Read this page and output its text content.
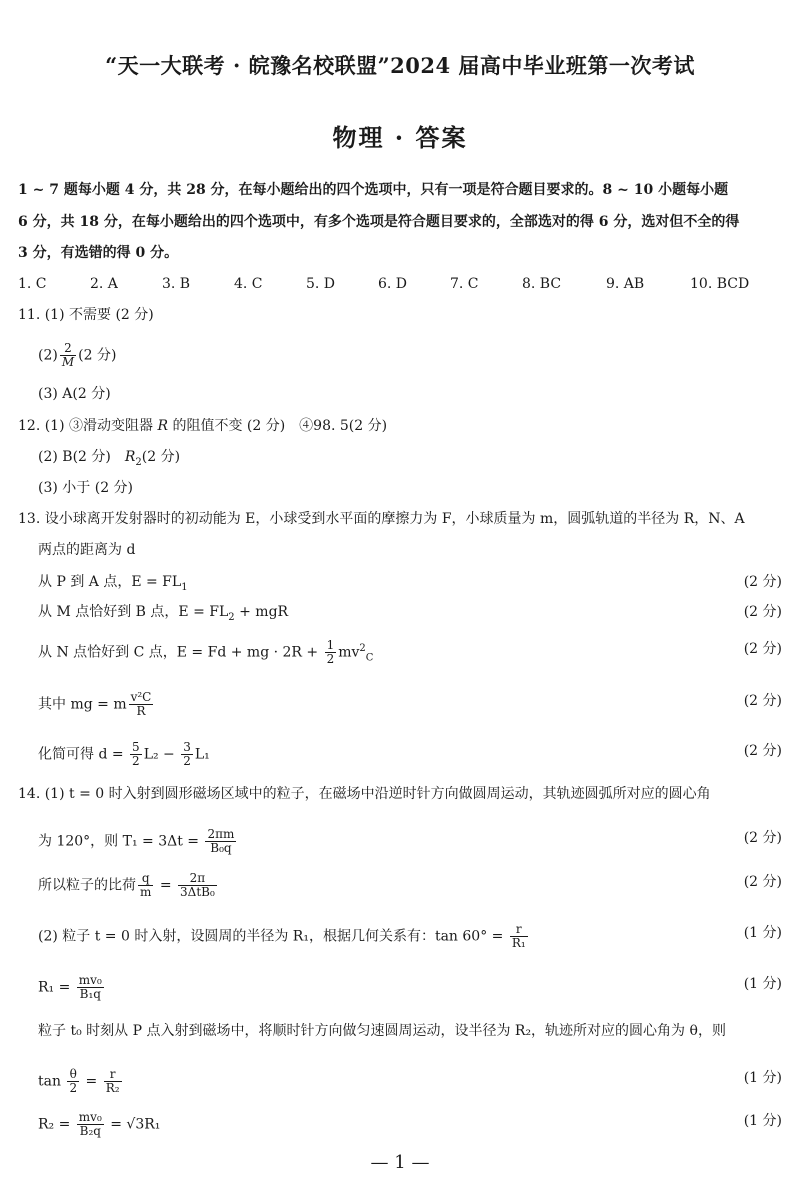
“天一大联考 · 皖豫名校联盟”2024 届高中毕业班第一次考试
物理 · 答案
1 ~ 7 题每小题 4 分，共 28 分，在每小题给出的四个选项中，只有一项是符合题目要求的。8 ~ 10 小题每小题
6 分，共 18 分，在每小题给出的四个选项中，有多个选项是符合题目要求的，全部选对的得 6 分，选对但不全的得
3 分，有选错的得 0 分。
1. C	2. A	3. B	4. C	5. D	6. D	7. C	8. BC	9. AB	10. BCD
11. (1) 不需要 (2 分)
$(2) \frac{2}{M} (2$ 分)
(3) A(2 分)
12. (1) ③滑动变阻器 R 的阻值不变 (2 分)　④98. 5(2 分)
(2) B(2 分)　$R_2(2$ 分)
(3) 小于 (2 分)
13. 设小球离开发射器时的初动能为 E，小球受到水平面的摩擦力为 F，小球质量为 m，圆弧轨道的半径为 R，N、A
两点的距离为 d
从 P 到 A 点，$E = FL_1$	(2 分)
从 M 点恰好到 B 点，$E = FL_2$ + mgR	(2 分)
从 N 点恰好到 C 点，E = Fd + mg · $2R + \frac{1}{2} mv^2_C$
(2 分)
其中 mg = m $\frac{\text{v²C}}{R}$	(2 分)
化简可得 $d = \frac{5}{2} L_2 - \frac{3}{2} L_1$	(2 分)
14. (1) t = 0 时入射到圆形磁场区域中的粒子，在磁场中沿逆时针方向做圆周运动，其轨迹圆弧所对应的圆心角
为 120°，则 $T_1 = 3\Delta t = \frac{2\pi m}{\text{B₀q}}$	(2 分)
所以粒子的比荷 $\frac{q}{m} = \frac{2\pi}{\text{3ΔtB₀}}$	(2 分)
(2) 粒子 t = 0 时入射，设圆周的半径为 R₁，根据几何关系有：$\tan 60^\circ = \frac{r}{\text{R₁}}$	(1 分)
$R_1 = \frac{\text{mv₀}}{\text{B₁q}}$	(1 分)
粒子 t₀ 时刻从 P 点入射到磁场中，将顺时针方向做匀速圆周运动，设半径为 R₂，轨迹所对应的圆心角为 θ，则
$\tan \frac{\theta}{2} = \frac{r}{\text{R₂}}$	(1 分)
$R_2 = \frac{\text{mv₀}}{\text{B₂q}} = √3R_1$	(1 分)
— 1 —
